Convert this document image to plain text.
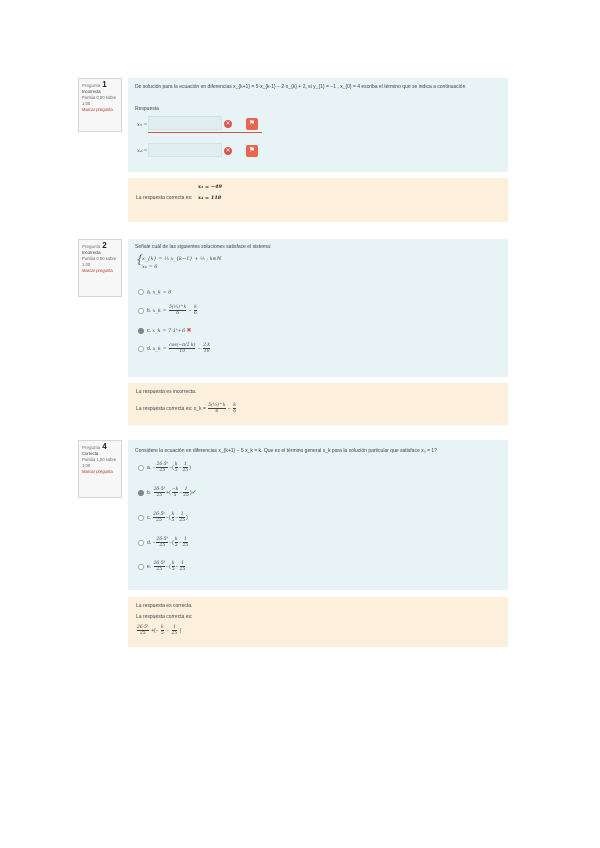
Pregunta 1
Incorrecta
Puntúa 0,00 sobre 1,00
Marcar pregunta
De solución para la ecuación en diferencias x_{k+1} = 5·x_{k-1} − 2·x_{k} + 2, si y_{1} = −1 , x_{0} = 4 escriba el término que se indica a continuación
Respuesta
x₅ =	✕	⚑
x₄ =	✕	⚑
La respuesta correcta es:
x₅ = −49
x₄ = 118
Pregunta 2
Incorrecta
Puntúa 0,00 sobre 1,00
Marcar pregunta
Señale cuál de las siguientes soluciones satisface el sistema:
{ x_{k} = ¹⁄₅ x_{k−1} + ¹⁄₅ ; k∈ℕ
x₀ = 6
a. x_k = 6
b. x_k = $\frac{\text{5(¹⁄₅)\textasciicircum{}k}}{6} - \frac{k}{6}$
c. x_k = 7·1ᵏ+6 ✖
d. x_k = $\frac{\cos(-\pi/2 k)}{10} - \frac{2 k}{10}$
La respuesta es incorrecta.
La respuesta correcta es: x_k = $\frac{\text{5(¹⁄₅)\textasciicircum{}k}}{6} - \frac{k}{6}$
Pregunta 4
Correcta
Puntúa 1,00 sobre 1,00
Marcar pregunta
Considere la ecuación en diferencias x_{k+1} − 5 x_k = k. Que es el término general x_k para la solución particular que satisface x₀ = 1?
a. − $\frac{\text{26·5ᵏ}}{25}$ −( $\frac{k}{5} - \frac{1}{25}$ )
b. $\frac{\text{26·5ᵏ}}{25}$ +( $\frac{-k}{5} - \frac{1}{25}$ )✔
c. $\frac{\text{26·5ᵏ}}{25}$ −( $\frac{k}{5} - \frac{1}{25}$ )
d. − $\frac{\text{26·5ᵏ}}{25}$ −( $\frac{k}{5} - \frac{1}{25}$
e. $\frac{\text{26·5ᵏ}}{25}$ −( $\frac{k}{5} - \frac{1}{25}$
La respuesta es correcta.
La respuesta correcta es:
$\frac{\text{26·5ᵏ}}{25}$ +(− $\frac{k}{5} - \frac{1}{25}$ )
